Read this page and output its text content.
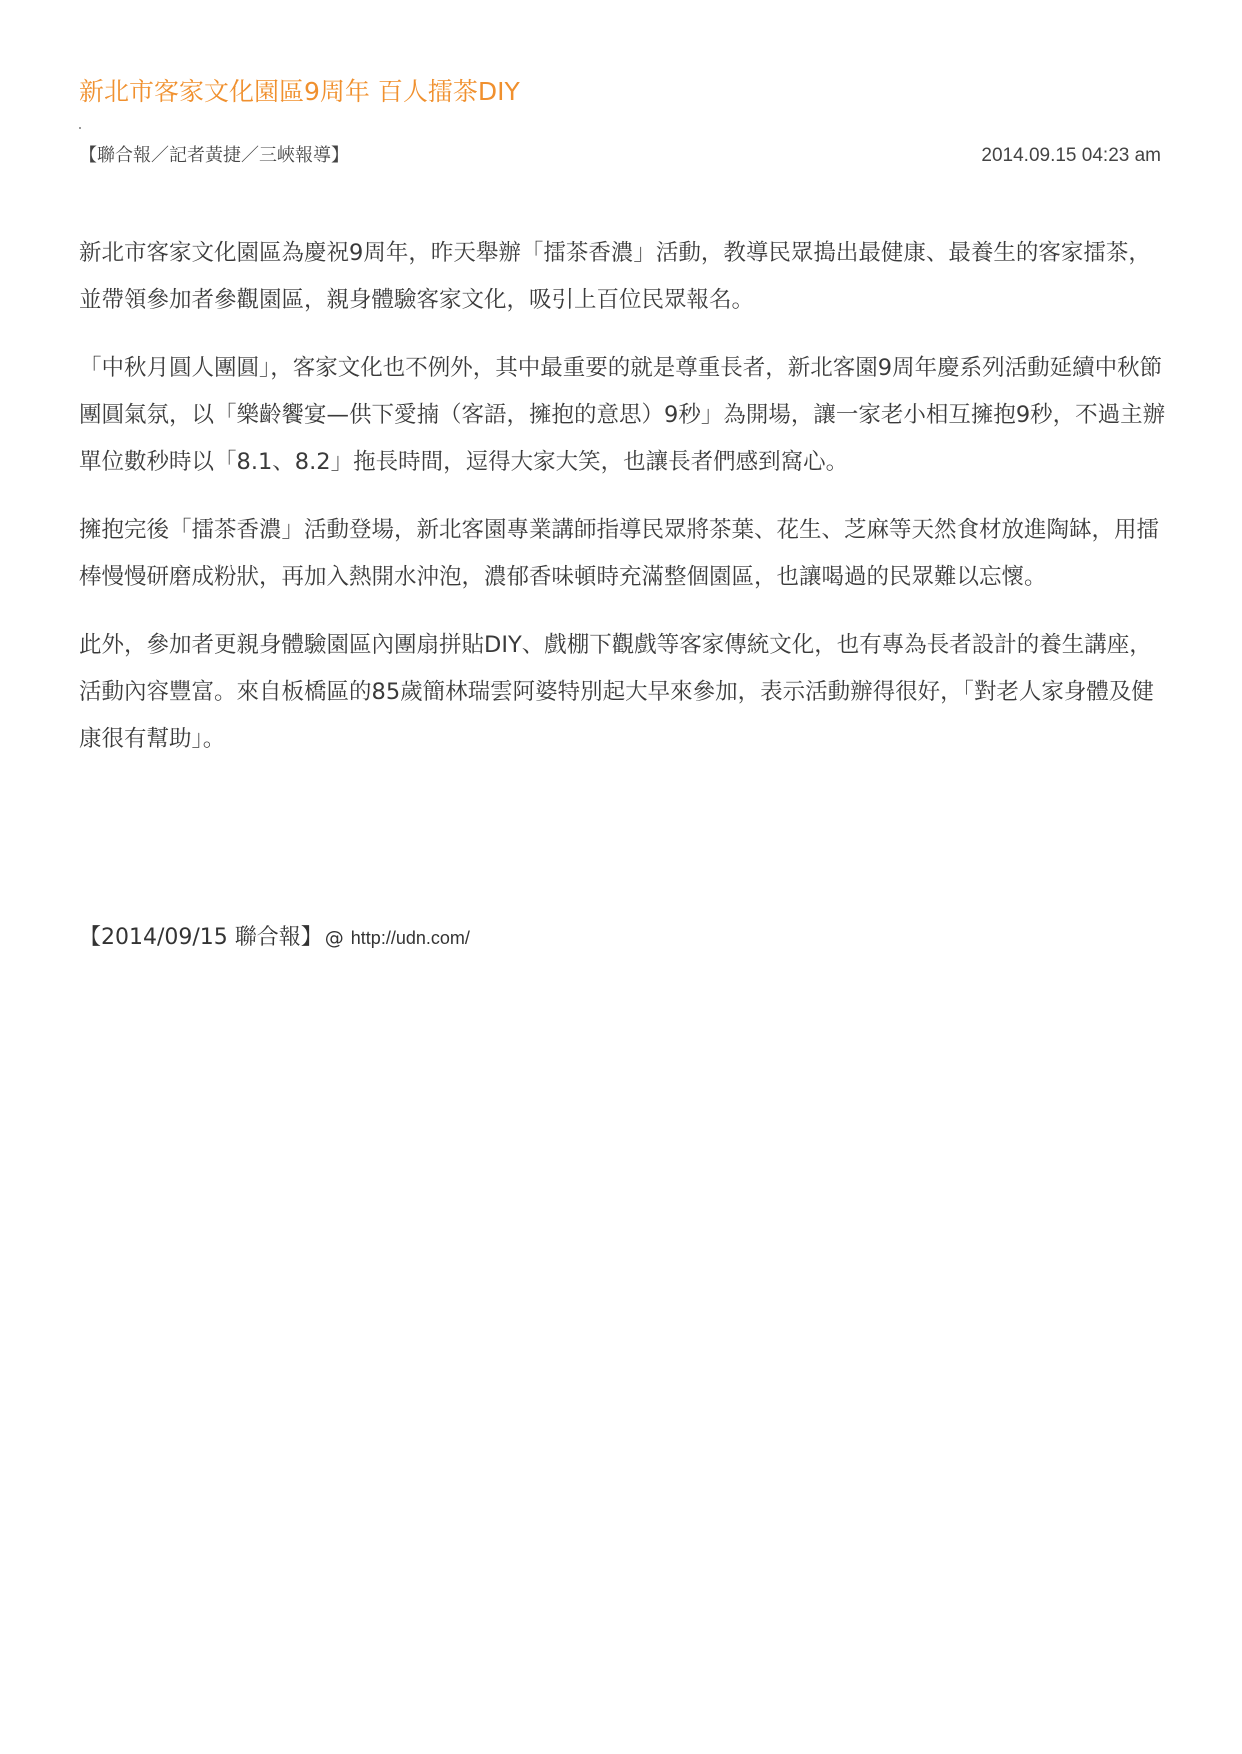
新北市客家文化園區9周年 百人擂茶DIY
【聯合報／記者黃捷／三峽報導】	2014.09.15 04:23 am

新北市客家文化園區為慶祝9周年，昨天舉辦「擂茶香濃」活動，教導民眾搗出最健康、最養生的客家擂茶，並帶領參加者參觀園區，親身體驗客家文化，吸引上百位民眾報名。

「中秋月圓人團圓」，客家文化也不例外，其中最重要的就是尊重長者，新北客園9周年慶系列活動延續中秋節團圓氣氛，以「樂齡饗宴—供下愛揇（客語，擁抱的意思）9秒」為開場，讓一家老小相互擁抱9秒，不過主辦單位數秒時以「8.1、8.2」拖長時間，逗得大家大笑，也讓長者們感到窩心。

擁抱完後「擂茶香濃」活動登場，新北客園專業講師指導民眾將茶葉、花生、芝麻等天然食材放進陶缽，用擂棒慢慢研磨成粉狀，再加入熱開水沖泡，濃郁香味頓時充滿整個園區，也讓喝過的民眾難以忘懷。

此外，參加者更親身體驗園區內團扇拼貼DIY、戲棚下觀戲等客家傳統文化，也有專為長者設計的養生講座，活動內容豐富。來自板橋區的85歲簡林瑞雲阿婆特別起大早來參加，表示活動辦得很好，「對老人家身體及健康很有幫助」。

【2014/09/15 聯合報】 @ http://udn.com/
